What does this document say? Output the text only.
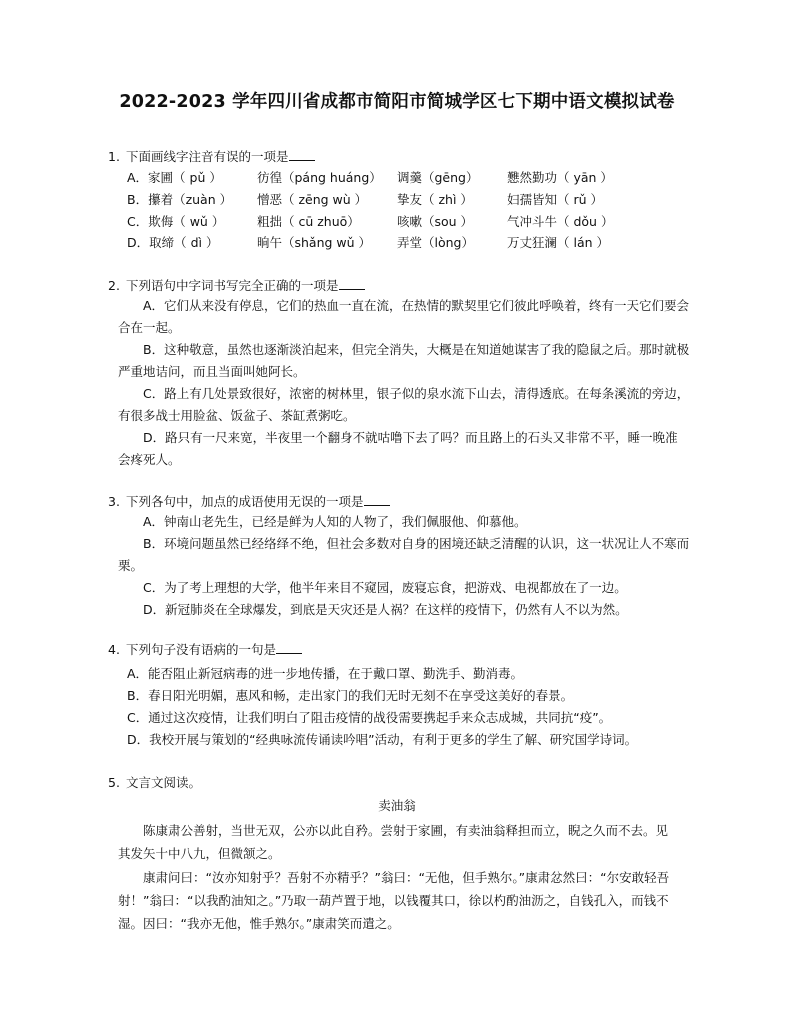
2022-2023 学年四川省成都市简阳市简城学区七下期中语文模拟试卷
1. 下面画线字注音有误的一项是
A．家圃（ pǔ ）	彷徨（páng huáng） 调羹（gēng） 戁然勤功（ yān ）
B．攥着（zuàn ） 憎恶（ zēng wù ） 挚友（ zhì ）	妇孺皆知（ rǔ ）
C．欺侮（ wǔ ）	粗拙（ cū zhuō）	咳嗽（sou ）	气冲斗牛（ dǒu ）
D．取缔（ dì ）	晌午（shǎng wǔ ） 弄堂（lòng）	万丈狂澜（ lán ）
2. 下列语句中字词书写完全正确的一项是
A．它们从来没有停息，它们的热血一直在流，在热情的默契里它们彼此呼唤着，终有一天它们要会合在一起。
B．这种敬意，虽然也逐渐淡泊起来，但完全消失，大概是在知道她谋害了我的隐鼠之后。那时就极严重地诘问，而且当面叫她阿长。
C．路上有几处景致很好，浓密的树林里，银子似的泉水流下山去，清得透底。在每条溪流的旁边，有很多战士用脸盆、饭盆子、茶缸煮粥吃。
D．路只有一尺来宽，半夜里一个翻身不就咕噜下去了吗？而且路上的石头又非常不平，睡一晚准会疼死人。
3. 下列各句中，加点的成语使用无误的一项是
A．钟南山老先生，已经是鲜为人知的人物了，我们佩服他、仰慕他。
B．环境问题虽然已经络绎不绝，但社会多数对自身的困境还缺乏清醒的认识，这一状况让人不寒而栗。
C．为了考上理想的大学，他半年来目不窥园，废寝忘食，把游戏、电视都放在了一边。
D．新冠肺炎在全球爆发，到底是天灾还是人祸？在这样的疫情下，仍然有人不以为然。
4. 下列句子没有语病的一句是
A．能否阻止新冠病毒的进一步地传播，在于戴口罩、勤洗手、勤消毒。
B．春日阳光明媚，惠风和畅，走出家门的我们无时无刻不在享受这美好的春景。
C．通过这次疫情，让我们明白了阻击疫情的战役需要携起手来众志成城，共同抗“疫”。
D．我校开展与策划的“经典咏流传诵读吟唱”活动，有利于更多的学生了解、研究国学诗词。
5. 文言文阅读。
卖油翁
陈康肃公善射，当世无双，公亦以此自矜。尝射于家圃，有卖油翁释担而立，睨之久而不去。见其发矢十中八九，但微颔之。
康肃问曰：“汝亦知射乎？吾射不亦精乎？”翁曰：“无他，但手熟尔。”康肃忿然曰：“尔安敢轻吾射！”翁曰：“以我酌油知之。”乃取一葫芦置于地，以钱覆其口，徐以杓酌油沥之，自钱孔入，而钱不湿。因曰：“我亦无他，惟手熟尔。”康肃笑而遣之。
